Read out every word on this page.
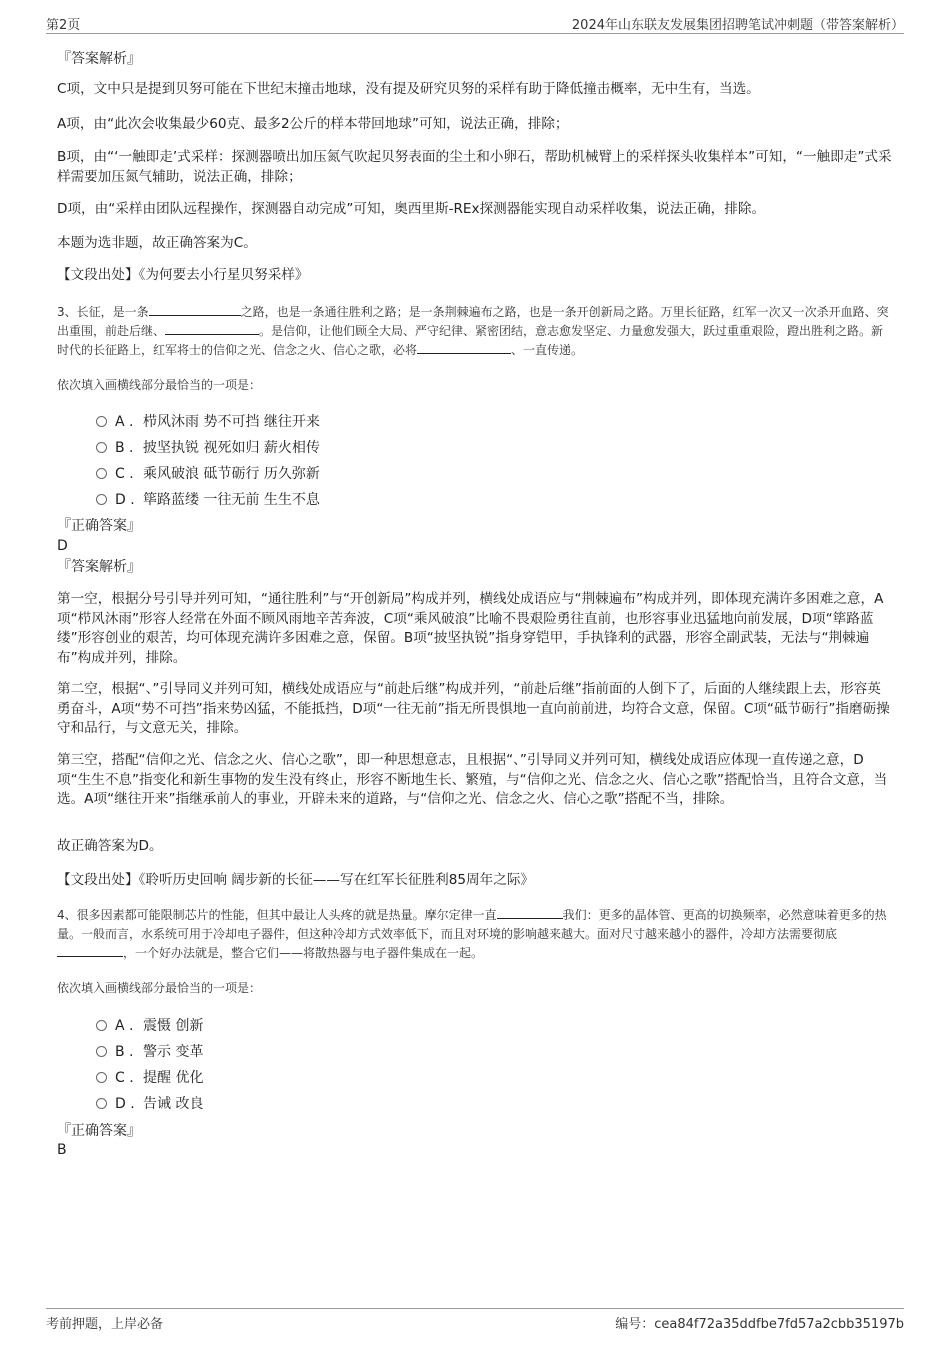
第2页	2024年山东联友发展集团招聘笔试冲刺题（带答案解析）
『答案解析』
C项，文中只是提到贝努可能在下世纪末撞击地球，没有提及研究贝努的采样有助于降低撞击概率，无中生有，当选。
A项，由“此次会收集最少60克、最多2公斤的样本带回地球”可知，说法正确，排除；
B项，由“‘一触即走’式采样：探测器喷出加压氮气吹起贝努表面的尘土和小卵石，帮助机械臂上的采样探头收集样本”可知，“一触即走”式采样需要加压氮气辅助，说法正确，排除；
D项，由“采样由团队远程操作，探测器自动完成”可知，奥西里斯-REx探测器能实现自动采样收集，说法正确，排除。
本题为选非题，故正确答案为C。
【文段出处】《为何要去小行星贝努采样》
3、长征，是一条	之路，也是一条通往胜利之路；是一条荆棘遍布之路，也是一条开创新局之路。万里长征路，红军一次又一次杀开血路、突出重围，前赴后继、	。是信仰，让他们顾全大局、严守纪律、紧密团结，意志愈发坚定、力量愈发强大，跃过重重艰险，蹬出胜利之路。新时代的长征路上，红军将士的信仰之光、信念之火、信心之歌，必将	、一直传递。
依次填入画横线部分最恰当的一项是：
A . 栉风沐雨 势不可挡 继往开来
B . 披坚执锐 视死如归 薪火相传
C . 乘风破浪 砥节砺行 历久弥新
D . 筚路蓝缕 一往无前 生生不息
『正确答案』
D
『答案解析』
第一空，根据分号引导并列可知，“通往胜利”与“开创新局”构成并列，横线处成语应与“荆棘遍布”构成并列，即体现充满许多困难之意，A项“栉风沐雨”形容人经常在外面不顾风雨地辛苦奔波，C项“乘风破浪”比喻不畏艰险勇往直前，也形容事业迅猛地向前发展，D项“筚路蓝缕”形容创业的艰苦，均可体现充满许多困难之意，保留。B项“披坚执锐”指身穿铠甲，手执锋利的武器，形容全副武装，无法与“荆棘遍布”构成并列，排除。
第二空，根据“、”引导同义并列可知，横线处成语应与“前赴后继”构成并列，“前赴后继”指前面的人倒下了，后面的人继续跟上去，形容英勇奋斗，A项“势不可挡”指来势凶猛，不能抵挡，D项“一往无前”指无所畏惧地一直向前前进，均符合文意，保留。C项“砥节砺行”指磨砺操守和品行，与文意无关，排除。
第三空，搭配“信仰之光、信念之火、信心之歌”，即一种思想意志，且根据“、”引导同义并列可知，横线处成语应体现一直传递之意，D项“生生不息”指变化和新生事物的发生没有终止，形容不断地生长、繁殖，与“信仰之光、信念之火、信心之歌”搭配恰当，且符合文意，当选。A项“继往开来”指继承前人的事业，开辟未来的道路，与“信仰之光、信念之火、信心之歌”搭配不当，排除。
故正确答案为D。
【文段出处】《聆听历史回响 阔步新的长征——写在红军长征胜利85周年之际》
4、很多因素都可能限制芯片的性能，但其中最让人头疼的就是热量。摩尔定律一直	我们：更多的晶体管、更高的切换频率，必然意味着更多的热量。一般而言，水系统可用于冷却电子器件，但这种冷却方式效率低下，而且对环境的影响越来越大。面对尺寸越来越小的器件，冷却方法需要彻底，一个好办法就是，整合它们——将散热器与电子器件集成在一起。
依次填入画横线部分最恰当的一项是：
A . 震慑 创新
B . 警示 变革
C . 提醒 优化
D . 告诫 改良
『正确答案』
B
考前押题，上岸必备	编号：cea84f72a35ddfbe7fd57a2cbb35197b
